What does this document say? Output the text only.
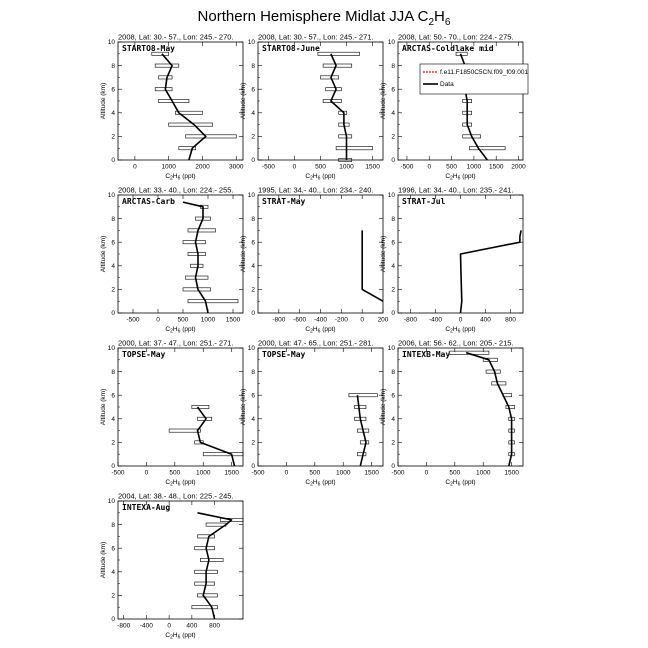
Northern Hemisphere Midlat JJA $C_2H_6$
0
2
4
6
8
10
0	1000	2000	3000
$C_2H_6$ (ppt)
Altitude (km)
2008, Lat: 30.- 57., Lon: 245.- 270.
STARTO8-May
0
2
4
6
8
10
-500	0	500 1000 1500
$C_2H_6$ (ppt)
Altitude (km)
2008, Lat: 30.- 57., Lon: 245.- 271.
STARTO8-June
0
2
4
6
8
10
-500 0 500 1000 1500 2000
$C_2H_6$ (ppt)
Altitude (km)
2008, Lat: 50.- 70., Lon: 224.- 275.
ARCTAS-Coldlake mid
f.e11.F1850C5CN.f09_f09.001
Data
0
2
4
6
8
10
-500	0	500 1000 1500
$C_2H_6$ (ppt)
Altitude (km)
2008, Lat: 33.- 40., Lon: 224.- 255.
ARCTAS-Carb
0
2
4
6
8
10
-800 -600 -400 -200 0 200
$C_2H_6$ (ppt)
Altitude (km)
1995, Lat: 34.- 40., Lon: 234.- 240.
STRAT-May
0
2
4
6
8
10
-800 -400	0	400 800
$C_2H_6$ (ppt)
Altitude (km)
1996, Lat: 34.- 40., Lon: 235.- 241.
STRAT-Jul
0
2
4
6
8
10
-500	0	500 1000 1500
$C_2H_6$ (ppt)
Altitude (km)
2000, Lat: 37.- 47., Lon: 251.- 271.
TOPSE-May
0
2
4
6
8
10
-500	0	500 1000 1500
$C_2H_6$ (ppt)
Altitude (km)
2000, Lat: 47.- 65., Lon: 251.- 281.
TOPSE-May
0
2
4
6
8
10
-500	0	500 1000 1500
$C_2H_6$ (ppt)
Altitude (km)
2006, Lat: 56.- 62., Lon: 205.- 215.
INTEXB-May
0
2
4
6
8
10
-800 -400 0 400 800
$C_2H_6$ (ppt)
Altitude (km)
2004, Lat: 38.- 48., Lon: 225.- 245.
INTEXA-Aug
